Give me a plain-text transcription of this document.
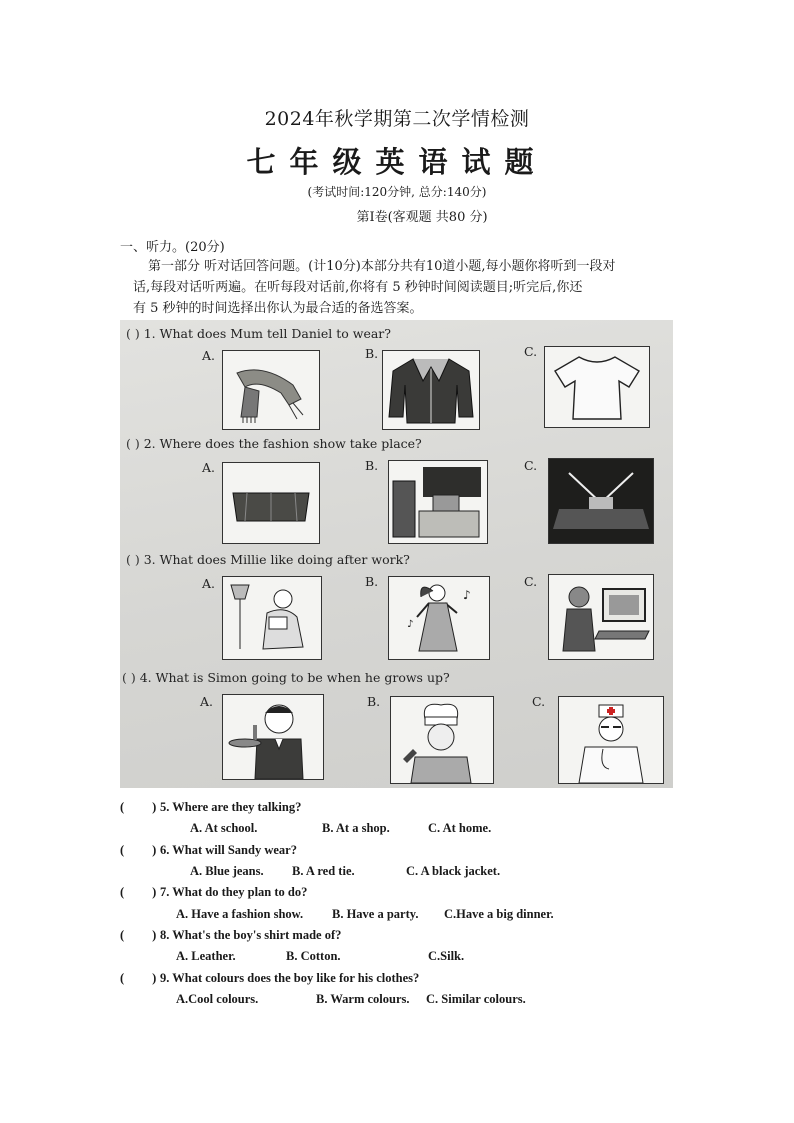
2024年秋学期第二次学情检测
七年级英语试题
(考试时间:120分钟, 总分:140分)
第Ⅰ卷(客观题 共80 分)
一、听力。(20分)
第一部分 听对话回答问题。(计10分)本部分共有10道小题,每小题你将听到一段对
话,每段对话听两遍。在听每段对话前,你将有 5 秒钟时间阅读题目;听完后,你还
有 5 秒钟的时间选择出你认为最合适的备选答案。
( ) 1. What does Mum tell Daniel to wear?
A.	B.	C.
( ) 2. Where does the fashion show take place?
A.	B.	C.
( ) 3. What does Millie like doing after work?
A.	B.	C.
♪
♪
( ) 4. What is Simon going to be when he grows up?
A.	B.	C.
( ) 5. Where are they talking?
A. At school.	B. At a shop.	C. At home.
( ) 6. What will Sandy wear?
A. Blue jeans. B. A red tie.	C. A black jacket.
( ) 7. What do they plan to do?
A. Have a fashion show. B. Have a party. C.Have a big dinner.
( ) 8. What's the boy's shirt made of?
A. Leather.	B. Cotton.	C.Silk.
( ) 9. What colours does the boy like for his clothes?
A.Cool colours.	B. Warm colours. C. Similar colours.
